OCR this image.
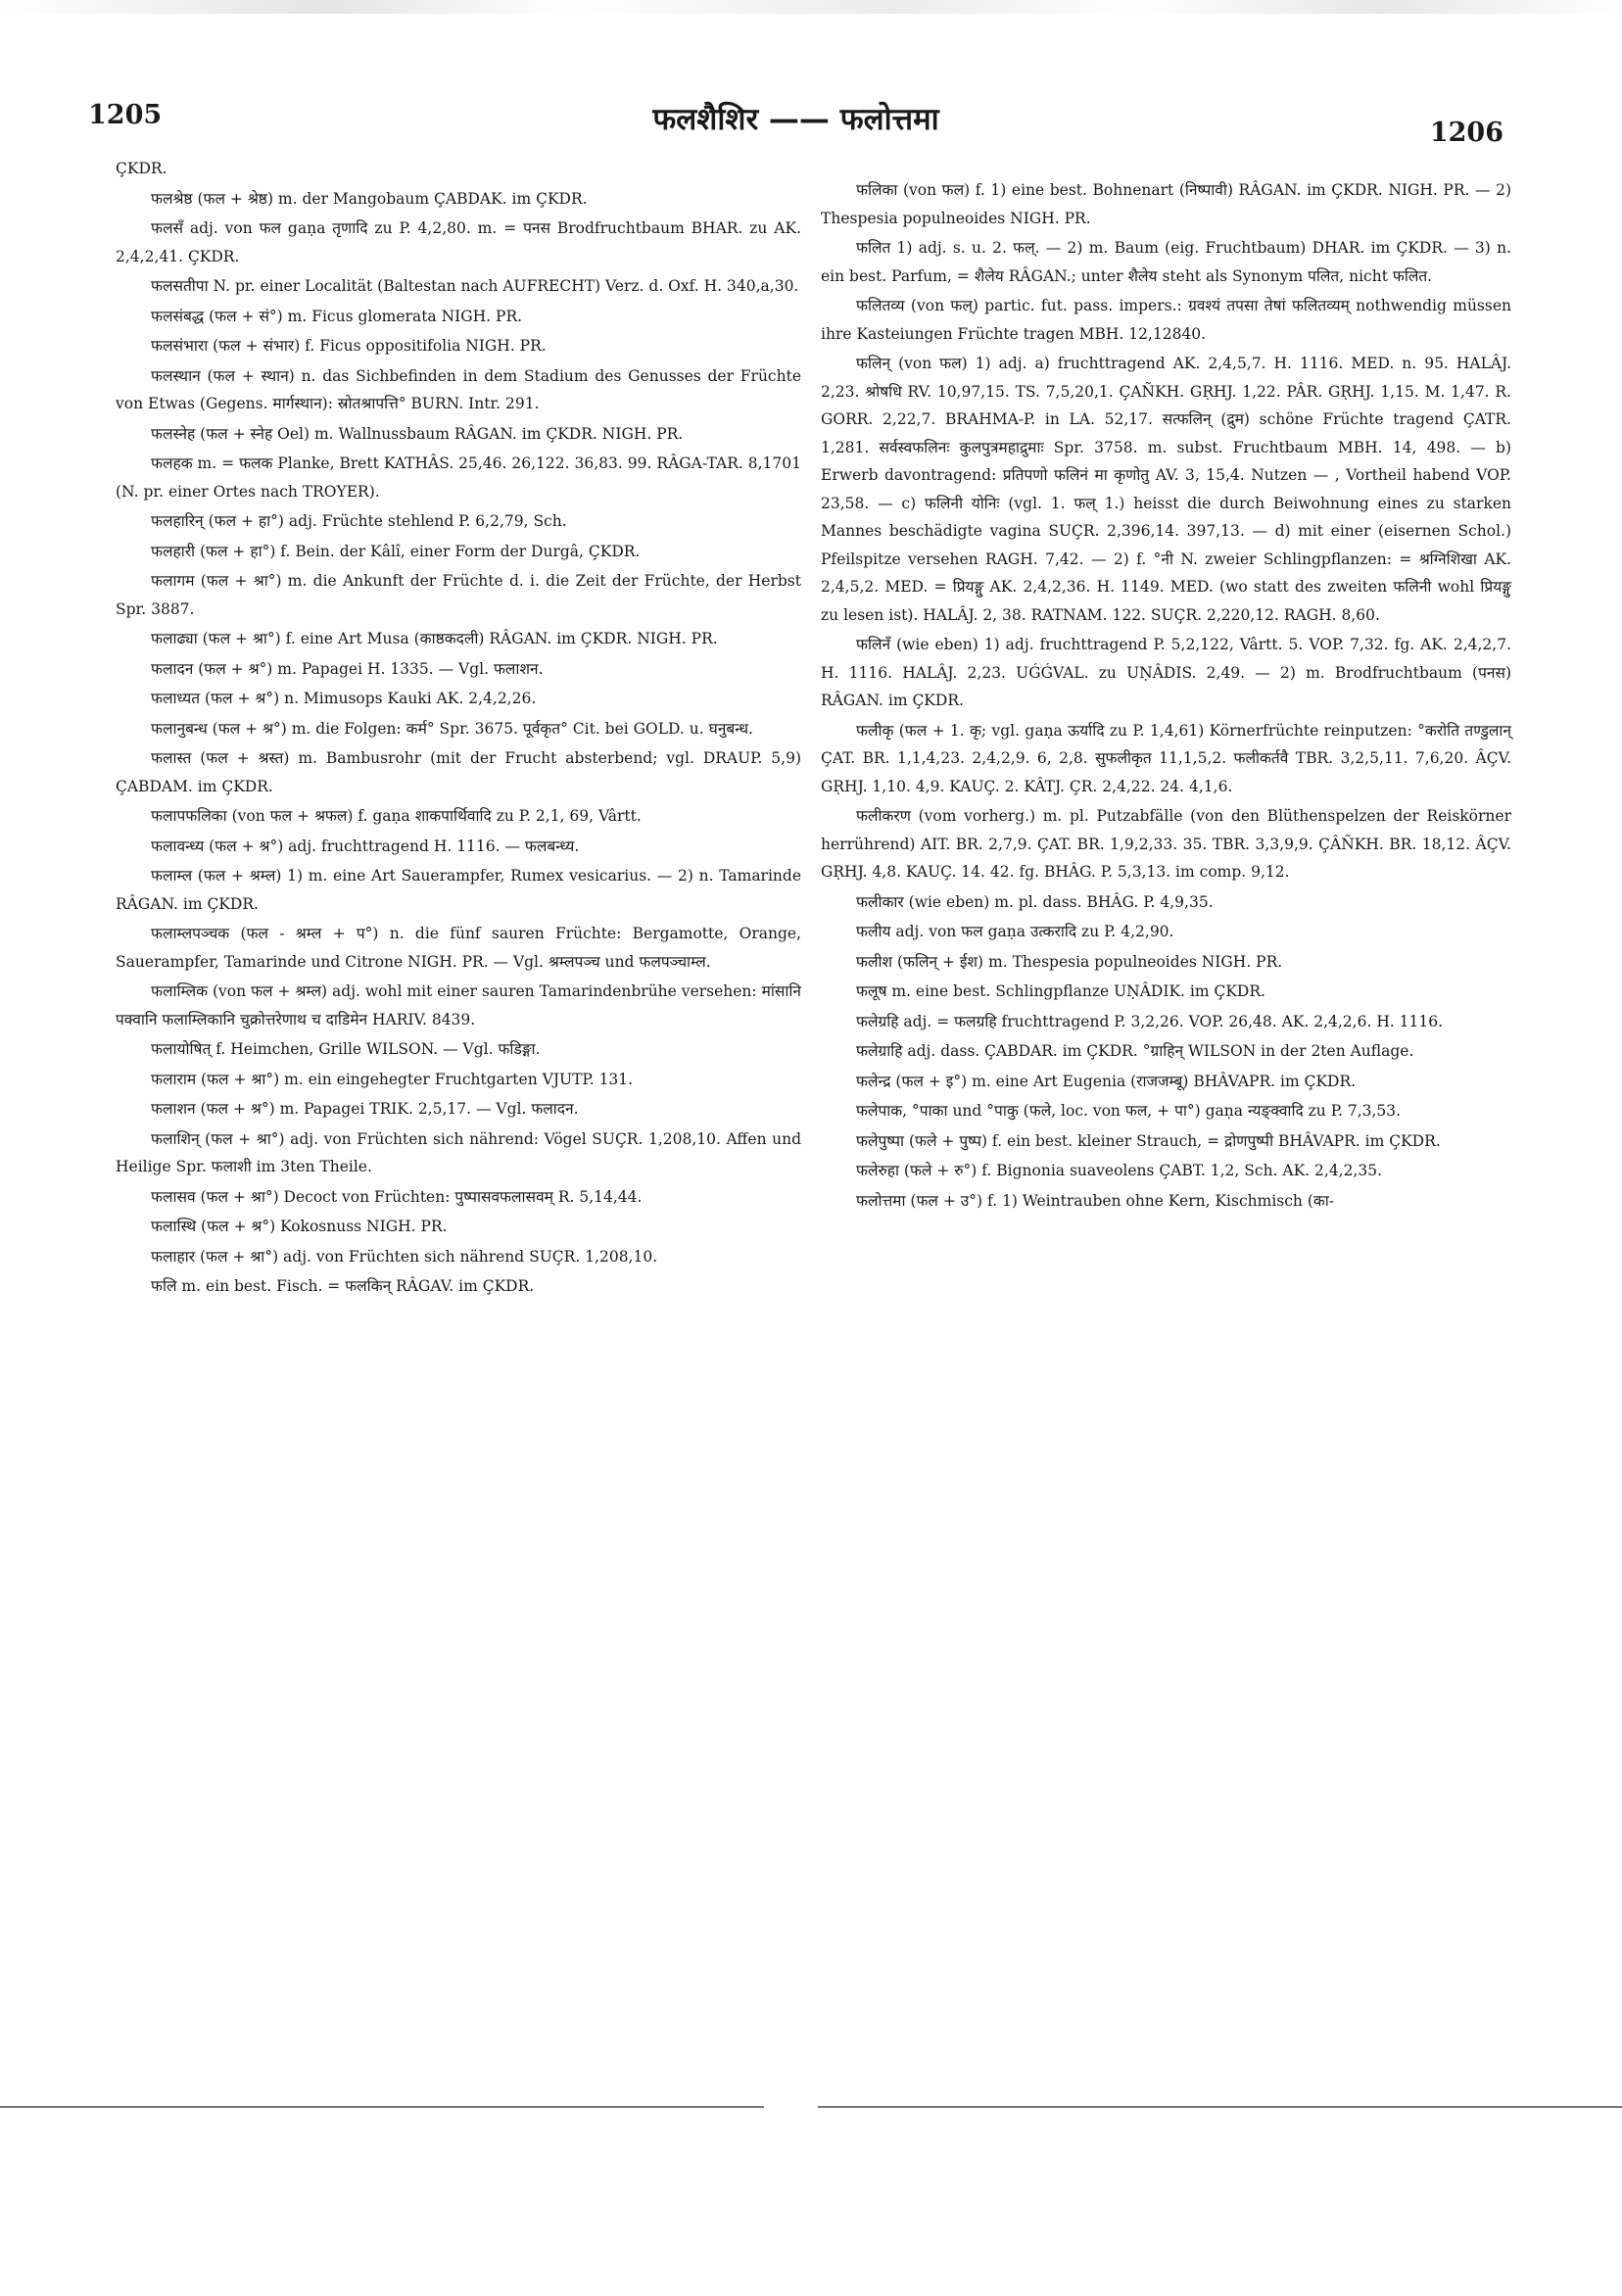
1205	फलशैशिर —— फलोत्तमा	1206

ÇKDR.

फलश्रेष्ठ (फल + श्रेष्ठ) m. der Mangobaum ÇABDAK. im ÇKDR.

फलसँ adj. von फल gaṇa तृणादि zu P. 4,2,80. m. = पनस Brodfruchtbaum BHAR. zu AK. 2,4,2,41. ÇKDR.

फलसतीपा N. pr. einer Localität (Baltestan nach AUFRECHT) Verz. d. Oxf. H. 340,a,30.

फलसंबद्ध (फल + सं°) m. Ficus glomerata NIGH. PR.

फलसंभारा (फल + संभार) f. Ficus oppositifolia NIGH. PR.

फलस्थान (फल + स्थान) n. das Sichbefinden in dem Stadium des Genusses der Früchte von Etwas (Gegens. मार्गस्थान): स्रोतश्रापत्ति° BURN. Intr. 291.

फलस्नेह (फल + स्नेह Oel) m. Wallnussbaum RÂGAN. im ÇKDR. NIGH. PR.

फलहक m. = फलक Planke, Brett KATHÂS. 25,46. 26,122. 36,83. 99. RÂGA-TAR. 8,1701 (N. pr. einer Ortes nach TROYER).

फलहारिन् (फल + हा°) adj. Früchte stehlend P. 6,2,79, Sch.

फलहारी (फल + हा°) f. Bein. der Kâlî, einer Form der Durgâ, ÇKDR.

फलागम (फल + श्रा°) m. die Ankunft der Früchte d. i. die Zeit der Früchte, der Herbst Spr. 3887.

फलाढ्या (फल + श्रा°) f. eine Art Musa (काष्ठकदली) RÂGAN. im ÇKDR. NIGH. PR.

फलादन (फल + श्र°) m. Papagei H. 1335. — Vgl. फलाशन.

फलाध्यत (फल + श्र°) n. Mimusops Kauki AK. 2,4,2,26.

फलानुबन्ध (फल + श्र°) m. die Folgen: कर्म° Spr. 3675. पूर्वकृत° Cit. bei GOLD. u. घनुबन्ध.

फलास्त (फल + श्रस्त) m. Bambusrohr (mit der Frucht absterbend; vgl. DRAUP. 5,9) ÇABDAM. im ÇKDR.

फलापफलिका (von फल + श्रफल) f. gaṇa शाकपार्थिवादि zu P. 2,1, 69, Vârtt.

फलावन्ध्य (फल + श्र°) adj. fruchttragend H. 1116. — फलबन्ध्य.

फलाम्ल (फल + श्रम्ल) 1) m. eine Art Sauerampfer, Rumex vesicarius. — 2) n. Tamarinde RÂGAN. im ÇKDR.

फलाम्लपञ्चक (फल - श्रम्ल + प°) n. die fünf sauren Früchte: Bergamotte, Orange, Sauerampfer, Tamarinde und Citrone NIGH. PR. — Vgl. श्रम्लपञ्च und फलपञ्चाम्ल.

फलाम्लिक (von फल + श्रम्ल) adj. wohl mit einer sauren Tamarindenbrühe versehen: मांसानि पक्वानि फलाम्लिकानि चुक्रोत्तरेणाथ च दाडिमेन HARIV. 8439.

फलायोषित् f. Heimchen, Grille WILSON. — Vgl. फडिङ्गा.

फलाराम (फल + श्रा°) m. ein eingehegter Fruchtgarten VJUTP. 131.

फलाशन (फल + श्र°) m. Papagei TRIK. 2,5,17. — Vgl. फलादन.

फलाशिन् (फल + श्रा°) adj. von Früchten sich nährend: Vögel SUÇR. 1,208,10. Affen und Heilige Spr. फलाशी im 3ten Theile.

फलासव (फल + श्रा°) Decoct von Früchten: पुष्पासवफलासवम् R. 5,14,44.

फलास्थि (फल + श्र°) Kokosnuss NIGH. PR.

फलाहार (फल + श्रा°) adj. von Früchten sich nährend SUÇR. 1,208,10.

फलि m. ein best. Fisch. = फलकिन् RÂGAV. im ÇKDR.

फलिका (von फल) f. 1) eine best. Bohnenart (निष्पावी) RÂGAN. im ÇKDR. NIGH. PR. — 2) Thespesia populneoides NIGH. PR.

फलित 1) adj. s. u. 2. फल्. — 2) m. Baum (eig. Fruchtbaum) DHAR. im ÇKDR. — 3) n. ein best. Parfum, = शैलेय RÂGAN.; unter शैलेय steht als Synonym पलित, nicht फलित.

फलितव्य (von फल्) partic. fut. pass. impers.: ग्रवश्यं तपसा तेषां फलितव्यम् nothwendig müssen ihre Kasteiungen Früchte tragen MBH. 12,12840.

फलिन् (von फल) 1) adj. a) fruchttragend AK. 2,4,5,7. H. 1116. MED. n. 95. HALÂJ. 2,23. श्रोषधि RV. 10,97,15. TS. 7,5,20,1. ÇAÑKH. GṚHJ. 1,22. PÂR. GṚHJ. 1,15. M. 1,47. R. GORR. 2,22,7. BRAHMA-P. in LA. 52,17. सत्फलिन् (द्रुम) schöne Früchte tragend ÇATR. 1,281. सर्वस्वफलिनः कुलपुत्रमहाद्रुमाः Spr. 3758. m. subst. Fruchtbaum MBH. 14, 498. — b) Erwerb davontragend: प्रतिपणो फलिनं मा कृणोतु AV. 3, 15,4. Nutzen — , Vortheil habend VOP. 23,58. — c) फलिनी योनिः (vgl. 1. फल् 1.) heisst die durch Beiwohnung eines zu starken Mannes beschädigte vagina SUÇR. 2,396,14. 397,13. — d) mit einer (eisernen Schol.) Pfeilspitze versehen RAGH. 7,42. — 2) f. °नी N. zweier Schlingpflanzen: = श्रग्निशिखा AK. 2,4,5,2. MED. = प्रियङ्गु AK. 2,4,2,36. H. 1149. MED. (wo statt des zweiten फलिनी wohl प्रियङ्गु zu lesen ist). HALÂJ. 2, 38. RATNAM. 122. SUÇR. 2,220,12. RAGH. 8,60.

फलिनँ (wie eben) 1) adj. fruchttragend P. 5,2,122, Vârtt. 5. VOP. 7,32. fg. AK. 2,4,2,7. H. 1116. HALÂJ. 2,23. UǴǴVAL. zu UṆÂDIS. 2,49. — 2) m. Brodfruchtbaum (पनस) RÂGAN. im ÇKDR.

फलीकृ (फल + 1. कृ; vgl. gaṇa ऊर्यादि zu P. 1,4,61) Körnerfrüchte reinputzen: °करोति तण्डुलान् ÇAT. BR. 1,1,4,23. 2,4,2,9. 6, 2,8. सुफलीकृत 11,1,5,2. फलीकर्तवै TBR. 3,2,5,11. 7,6,20. ÂÇV. GṚHJ. 1,10. 4,9. KAUÇ. 2. KÂTJ. ÇR. 2,4,22. 24. 4,1,6.

फलीकरण (vom vorherg.) m. pl. Putzabfälle (von den Blüthenspelzen der Reiskörner herrührend) AIT. BR. 2,7,9. ÇAT. BR. 1,9,2,33. 35. TBR. 3,3,9,9. ÇÂÑKH. BR. 18,12. ÂÇV. GṚHJ. 4,8. KAUÇ. 14. 42. fg. BHÂG. P. 5,3,13. im comp. 9,12.

फलीकार (wie eben) m. pl. dass. BHÂG. P. 4,9,35.

फलीय adj. von फल gaṇa उत्करादि zu P. 4,2,90.

फलीश (फलिन् + ईश) m. Thespesia populneoides NIGH. PR.

फलूष m. eine best. Schlingpflanze UṆÂDIK. im ÇKDR.

फलेग्रहि adj. = फलग्रहि fruchttragend P. 3,2,26. VOP. 26,48. AK. 2,4,2,6. H. 1116.

फलेग्राहि adj. dass. ÇABDAR. im ÇKDR. °ग्राहिन् WILSON in der 2ten Auflage.

फलेन्द्र (फल + इ°) m. eine Art Eugenia (राजजम्बू) BHÂVAPR. im ÇKDR.

फलेपाक, °पाका und °पाकु (फले, loc. von फल, + पा°) gaṇa न्यङ्क्वादि zu P. 7,3,53.

फलेपुष्पा (फले + पुष्प) f. ein best. kleiner Strauch, = द्रोणपुष्पी BHÂVAPR. im ÇKDR.

फलेरुहा (फले + रु°) f. Bignonia suaveolens ÇABT. 1,2, Sch. AK. 2,4,2,35.

फलोत्तमा (फल + उ°) f. 1) Weintrauben ohne Kern, Kischmisch (का-
